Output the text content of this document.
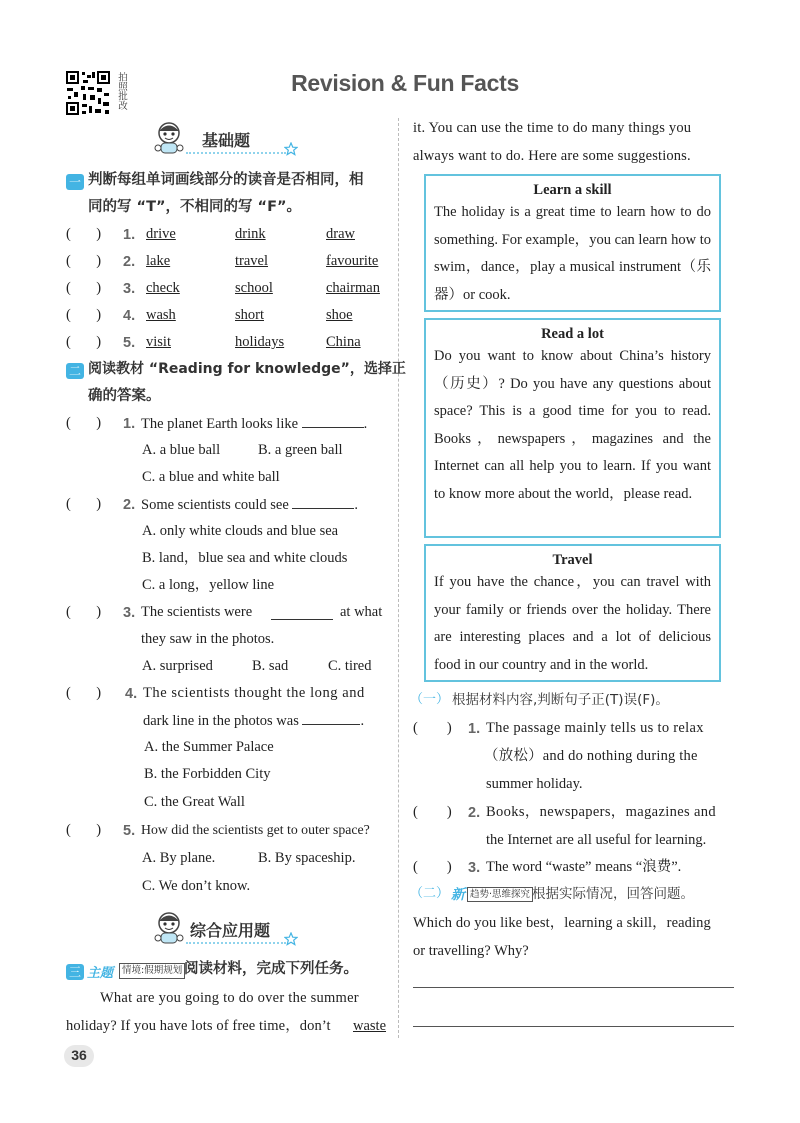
拍照批改	Revision & Fun Facts
基础题
一 判断每组单词画线部分的读音是否相同，相
同的写 “T”，不相同的写 “F”。
(       ) 1. drive	drink	draw
(       ) 2. lake	travel	favourite
(       ) 3. check	school	chairman
(       ) 4. wash	short	shoe
(       ) 5. visit	holidays	China
二 阅读教材 “Reading for knowledge”，选择正
确的答案。
(       ) 1. The planet Earth looks like	.
A. a blue ball	B. a green ball
C. a blue and white ball
(       ) 2. Some scientists could see	.
A. only white clouds and blue sea
B. land，blue sea and white clouds
C. a long，yellow line
(       ) 3. The scientists were	at what
they saw in the photos.
A. surprised	B. sad	C. tired
(       ) 4. The scientists thought the long and
dark line in the photos was	.
A. the Summer Palace
B. the Forbidden City
C. the Great Wall
(       ) 5. How did the scientists get to outer space?
A. By plane.	B. By spaceship.
C. We don’t know.
综合应用题
三 主题 情境:假期规划 阅读材料，完成下列任务。
What are you going to do over the summer
holiday? If you have lots of free time，don’t waste
36
it. You can use the time to do many things you
always want to do. Here are some suggestions.
Learn a skill
The holiday is a great time to learn how to do something. For example，you can learn how to swim，dance，play a musical instrument（乐器）or cook.
Read a lot
Do you want to know about China’s history（历史）? Do you have any questions about space? This is a good time for you to read. Books，newspapers，magazines and the Internet can all help you to learn. If you want to know more about the world，please read.
Travel
If you have the chance，you can travel with your family or friends over the holiday. There are interesting places and a lot of delicious food in our country and in the world.
（一） 根据材料内容,判断句子正(T)误(F)。
(        ) 1. The passage mainly tells us to relax
（放松）and do nothing during the
summer holiday.
(        ) 2. Books，newspapers，magazines and
the Internet are all useful for learning.
(        ) 3. The word “waste” means “浪费”.
（二） 新 趋势·思维探究 根据实际情况，回答问题。
Which do you like best，learning a skill，reading
or travelling? Why?
